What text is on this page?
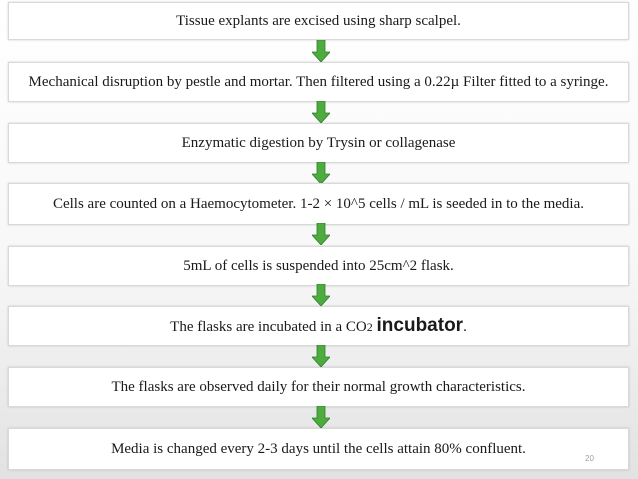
Tissue explants are excised using sharp scalpel.
Mechanical disruption by pestle and mortar. Then filtered using a 0.22µ Filter fitted to a syringe.
Enzymatic digestion by Trysin or collagenase
Cells are counted on a Haemocytometer. 1-2 × 10^5 cells / mL is seeded in to the media.
5mL of cells is suspended into 25cm^2 flask.
The flasks are incubated in a CO2 incubator.
The flasks are observed daily for their normal growth characteristics.
Media is changed every 2-3 days until the cells attain 80% confluent.
20
